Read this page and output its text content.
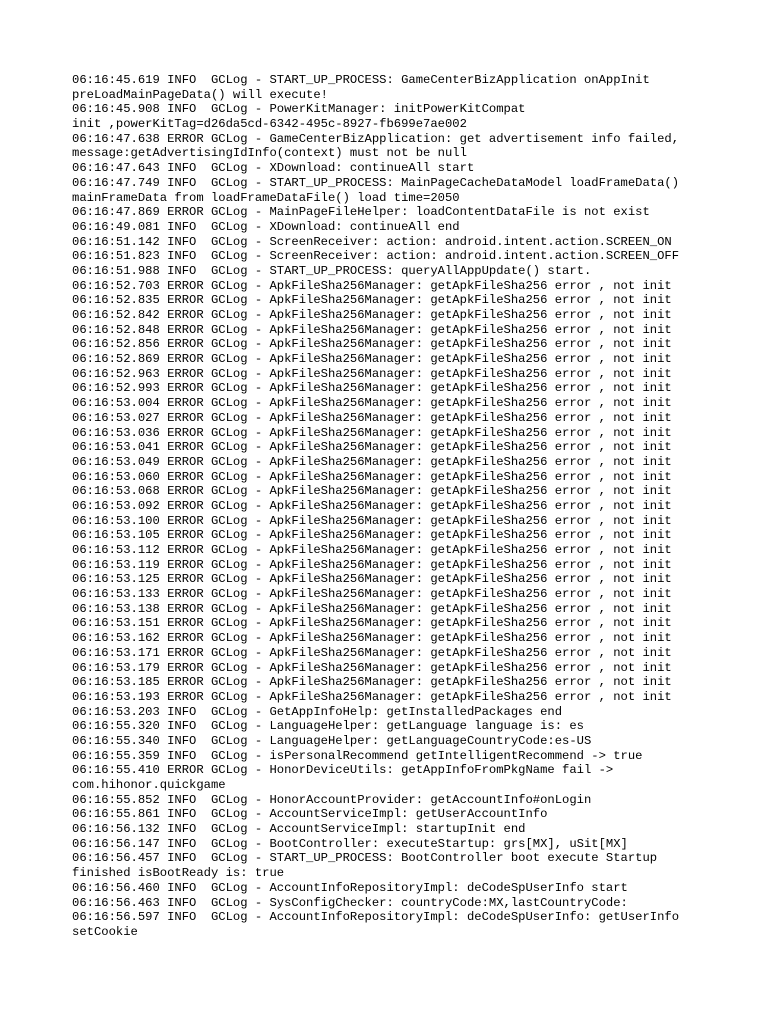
06:16:45.619 INFO  GCLog - START_UP_PROCESS: GameCenterBizApplication onAppInit
preLoadMainPageData() will execute!
06:16:45.908 INFO  GCLog - PowerKitManager: initPowerKitCompat
init ,powerKitTag=d26da5cd-6342-495c-8927-fb699e7ae002
06:16:47.638 ERROR GCLog - GameCenterBizApplication: get advertisement info failed,
message:getAdvertisingIdInfo(context) must not be null
06:16:47.643 INFO  GCLog - XDownload: continueAll start
06:16:47.749 INFO  GCLog - START_UP_PROCESS: MainPageCacheDataModel loadFrameData()
mainFrameData from loadFrameDataFile() load time=2050
06:16:47.869 ERROR GCLog - MainPageFileHelper: loadContentDataFile is not exist
06:16:49.081 INFO  GCLog - XDownload: continueAll end
06:16:51.142 INFO  GCLog - ScreenReceiver: action: android.intent.action.SCREEN_ON
06:16:51.823 INFO  GCLog - ScreenReceiver: action: android.intent.action.SCREEN_OFF
06:16:51.988 INFO  GCLog - START_UP_PROCESS: queryAllAppUpdate() start.
06:16:52.703 ERROR GCLog - ApkFileSha256Manager: getApkFileSha256 error , not init
06:16:52.835 ERROR GCLog - ApkFileSha256Manager: getApkFileSha256 error , not init
06:16:52.842 ERROR GCLog - ApkFileSha256Manager: getApkFileSha256 error , not init
06:16:52.848 ERROR GCLog - ApkFileSha256Manager: getApkFileSha256 error , not init
06:16:52.856 ERROR GCLog - ApkFileSha256Manager: getApkFileSha256 error , not init
06:16:52.869 ERROR GCLog - ApkFileSha256Manager: getApkFileSha256 error , not init
06:16:52.963 ERROR GCLog - ApkFileSha256Manager: getApkFileSha256 error , not init
06:16:52.993 ERROR GCLog - ApkFileSha256Manager: getApkFileSha256 error , not init
06:16:53.004 ERROR GCLog - ApkFileSha256Manager: getApkFileSha256 error , not init
06:16:53.027 ERROR GCLog - ApkFileSha256Manager: getApkFileSha256 error , not init
06:16:53.036 ERROR GCLog - ApkFileSha256Manager: getApkFileSha256 error , not init
06:16:53.041 ERROR GCLog - ApkFileSha256Manager: getApkFileSha256 error , not init
06:16:53.049 ERROR GCLog - ApkFileSha256Manager: getApkFileSha256 error , not init
06:16:53.060 ERROR GCLog - ApkFileSha256Manager: getApkFileSha256 error , not init
06:16:53.068 ERROR GCLog - ApkFileSha256Manager: getApkFileSha256 error , not init
06:16:53.092 ERROR GCLog - ApkFileSha256Manager: getApkFileSha256 error , not init
06:16:53.100 ERROR GCLog - ApkFileSha256Manager: getApkFileSha256 error , not init
06:16:53.105 ERROR GCLog - ApkFileSha256Manager: getApkFileSha256 error , not init
06:16:53.112 ERROR GCLog - ApkFileSha256Manager: getApkFileSha256 error , not init
06:16:53.119 ERROR GCLog - ApkFileSha256Manager: getApkFileSha256 error , not init
06:16:53.125 ERROR GCLog - ApkFileSha256Manager: getApkFileSha256 error , not init
06:16:53.133 ERROR GCLog - ApkFileSha256Manager: getApkFileSha256 error , not init
06:16:53.138 ERROR GCLog - ApkFileSha256Manager: getApkFileSha256 error , not init
06:16:53.151 ERROR GCLog - ApkFileSha256Manager: getApkFileSha256 error , not init
06:16:53.162 ERROR GCLog - ApkFileSha256Manager: getApkFileSha256 error , not init
06:16:53.171 ERROR GCLog - ApkFileSha256Manager: getApkFileSha256 error , not init
06:16:53.179 ERROR GCLog - ApkFileSha256Manager: getApkFileSha256 error , not init
06:16:53.185 ERROR GCLog - ApkFileSha256Manager: getApkFileSha256 error , not init
06:16:53.193 ERROR GCLog - ApkFileSha256Manager: getApkFileSha256 error , not init
06:16:53.203 INFO  GCLog - GetAppInfoHelp: getInstalledPackages end
06:16:55.320 INFO  GCLog - LanguageHelper: getLanguage language is: es
06:16:55.340 INFO  GCLog - LanguageHelper: getLanguageCountryCode:es-US
06:16:55.359 INFO  GCLog - isPersonalRecommend getIntelligentRecommend -> true
06:16:55.410 ERROR GCLog - HonorDeviceUtils: getAppInfoFromPkgName fail ->
com.hihonor.quickgame
06:16:55.852 INFO  GCLog - HonorAccountProvider: getAccountInfo#onLogin
06:16:55.861 INFO  GCLog - AccountServiceImpl: getUserAccountInfo
06:16:56.132 INFO  GCLog - AccountServiceImpl: startupInit end
06:16:56.147 INFO  GCLog - BootController: executeStartup: grs[MX], uSit[MX]
06:16:56.457 INFO  GCLog - START_UP_PROCESS: BootController boot execute Startup
finished isBootReady is: true
06:16:56.460 INFO  GCLog - AccountInfoRepositoryImpl: deCodeSpUserInfo start
06:16:56.463 INFO  GCLog - SysConfigChecker: countryCode:MX,lastCountryCode:
06:16:56.597 INFO  GCLog - AccountInfoRepositoryImpl: deCodeSpUserInfo: getUserInfo
setCookie
